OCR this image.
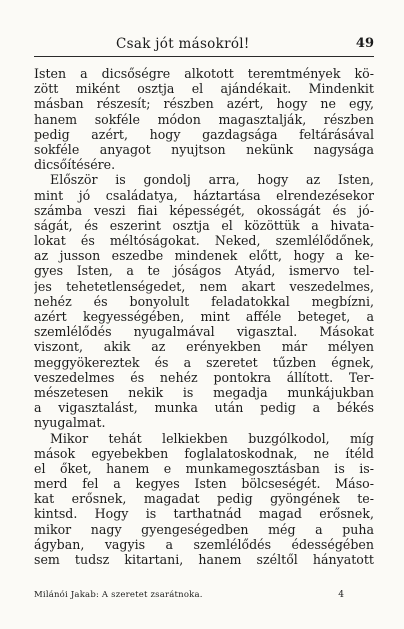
Csak jót másokról!	49
Isten a dicsőségre alkotott teremtmények kö-
zött miként osztja el ajándékait. Mindenkit
másban részesít; részben azért, hogy ne egy,
hanem sokféle módon magasztalják, részben
pedig azért, hogy gazdagsága feltárásával
sokféle anyagot nyujtson nekünk nagysága
dicsőítésére.
Először is gondolj arra, hogy az Isten,
mint jó családatya, háztartása elrendezésekor
számba veszi fiai képességét, okosságát és jó-
ságát, és eszerint osztja el közöttük a hivata-
lokat és méltóságokat. Neked, szemlélődőnek,
az jusson eszedbe mindenek előtt, hogy a ke-
gyes Isten, a te jóságos Atyád, ismervo tel-
jes tehetetlenségedet, nem akart veszedelmes,
nehéz és bonyolult feladatokkal megbízni,
azért kegyességében, mint afféle beteget, a
szemlélődés nyugalmával vigasztal. Másokat
viszont, akik az erényekben már mélyen
meggyökereztek és a szeretet tűzben égnek,
veszedelmes és nehéz pontokra állított. Ter-
mészetesen nekik is megadja munkájukban
a vigasztalást, munka után pedig a békés
nyugalmat.
Mikor tehát lelkiekben buzgólkodol, míg
mások egyebekben foglalatoskodnak, ne ítéld
el őket, hanem e munkamegosztásban is is-
merd fel a kegyes Isten bölcseségét. Máso-
kat erősnek, magadat pedig gyöngének te-
kintsd. Hogy is tarthatnád magad erősnek,
mikor nagy gyengeségedben még a puha
ágyban, vagyis a szemlélődés édességében
sem tudsz kitartani, hanem széltől hányatott
Milánói Jakab: A szeretet zsarátnoka.	4
